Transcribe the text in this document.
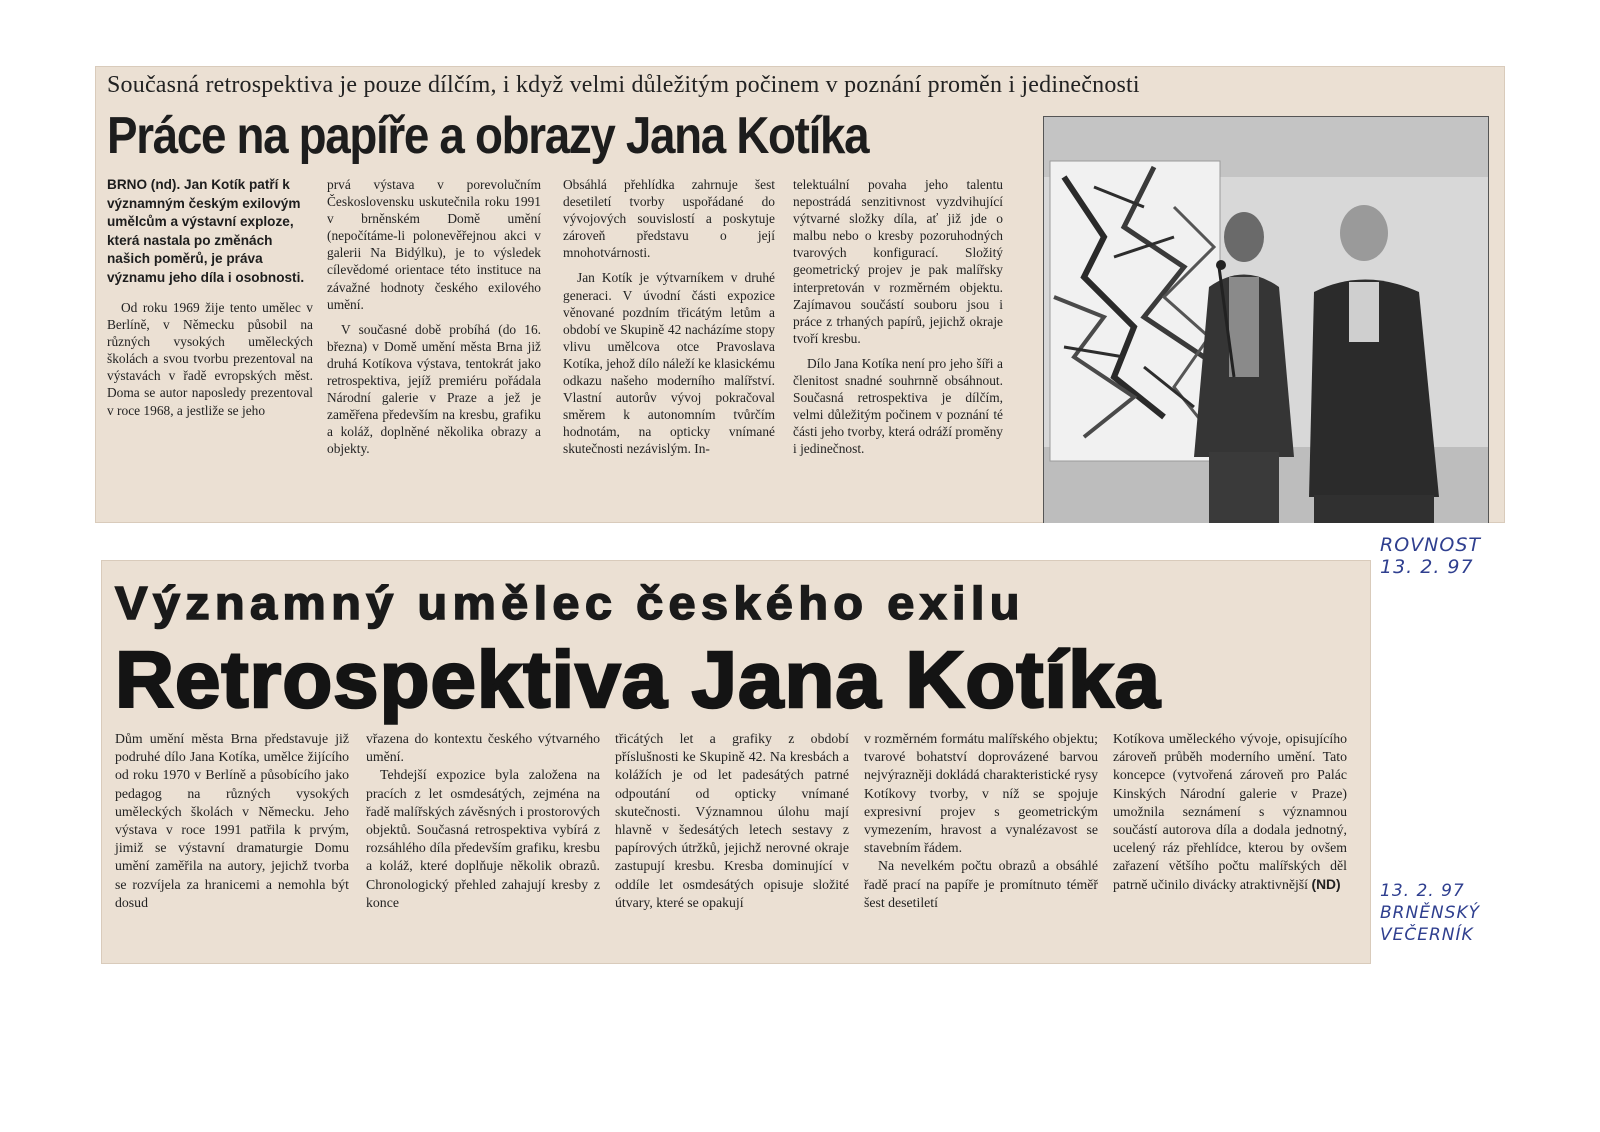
Současná retrospektiva je pouze dílčím, i když velmi důležitým počinem v poznání proměn i jedinečnosti
Práce na papíře a obrazy Jana Kotíka
BRNO (nd). Jan Kotík patří k významným českým exilovým umělcům a výstavní exploze, která nastala po změnách našich poměrů, je práva významu jeho díla i osobnosti.

Od roku 1969 žije tento umělec v Berlíně, v Německu působil na různých vysokých uměleckých školách a svou tvorbu prezentoval na výstavách v řadě evropských měst. Doma se autor naposledy prezentoval v roce 1968, a jestliže se jeho

prvá výstava v porevolučním Československu uskutečnila roku 1991 v brněnském Domě umění (nepočítáme-li polonevěřejnou akci v galerii Na Bidýlku), je to výsledek cílevědomé orientace této instituce na závažné hodnoty českého exilového umění.

V současné době probíhá (do 16. března) v Domě umění města Brna již druhá Kotíkova výstava, tentokrát jako retrospektiva, jejíž premiéru pořádala Národní galerie v Praze a jež je zaměřena především na kresbu, grafiku a koláž, doplněné několika obrazy a objekty.

Obsáhlá přehlídka zahrnuje šest desetiletí tvorby uspořádané do vývojových souvislostí a poskytuje zároveň představu o její mnohotvárnosti.

Jan Kotík je výtvarníkem v druhé generaci. V úvodní části expozice věnované pozdním třicátým letům a období ve Skupině 42 nacházíme stopy vlivu umělcova otce Pravoslava Kotíka, jehož dílo náleží ke klasickému odkazu našeho moderního malířství. Vlastní autorův vývoj pokračoval směrem k autonomním tvůrčím hodnotám, na opticky vnímané skutečnosti nezávislým. In-

telektuální povaha jeho talentu nepostrádá senzitivnost vyzdvihující výtvarné složky díla, ať již jde o malbu nebo o kresby pozoruhodných tvarových konfigurací. Složitý geometrický projev je pak malířsky interpretován v rozměrném objektu. Zajímavou součástí souboru jsou i práce z trhaných papírů, jejichž okraje tvoří kresbu.

Dílo Jana Kotíka není pro jeho šíři a členitost snadné souhrnně obsáhnout. Současná retrospektiva je dílčím, velmi důležitým počinem v poznání té části jeho tvorby, která odráží proměny i jedinečnost.

Významný umělec českého exilu
Retrospektiva Jana Kotíka

Dům umění města Brna představuje již podruhé dílo Jana Kotíka, umělce žijícího od roku 1970 v Berlíně a působícího jako pedagog na různých vysokých uměleckých školách v Německu. Jeho výstava v roce 1991 patřila k prvým, jimiž se výstavní dramaturgie Domu umění zaměřila na autory, jejichž tvorba se rozvíjela za hranicemi a nemohla být dosud

vřazena do kontextu českého výtvarného umění.

Tehdejší expozice byla založena na pracích z let osmdesátých, zejména na řadě malířských závěsných i prostorových objektů. Současná retrospektiva vybírá z rozsáhlého díla především grafiku, kresbu a koláž, které doplňuje několik obrazů. Chronologický přehled zahajují kresby z konce

třicátých let a grafiky z období příslušnosti ke Skupině 42. Na kresbách a kolážích je od let padesátých patrné odpoutání od opticky vnímané skutečnosti. Významnou úlohu mají hlavně v šedesátých letech sestavy z papírových útržků, jejichž nerovné okraje zastupují kresbu. Kresba dominující v oddíle let osmdesátých opisuje složité útvary, které se opakují

v rozměrném formátu malířského objektu; tvarové bohatství doprovázené barvou nejvýrazněji dokládá charakteristické rysy Kotíkovy tvorby, v níž se spojuje expresivní projev s geometrickým vymezením, hravost a vynalézavost se stavebním řádem.

Na nevelkém počtu obrazů a obsáhlé řadě prací na papíře je promítnuto téměř šest desetiletí

Kotíkova uměleckého vývoje, opisujícího zároveň průběh moderního umění. Tato koncepce (vytvořená zároveň pro Palác Kinských Národní galerie v Praze) umožnila seznámení s významnou součástí autorova díla a dodala jednotný, ucelený ráz přehlídce, kterou by ovšem zařazení většího počtu malířských děl patrně učinilo divácky atraktivnější (ND)

ROVNOST
13. 2. 97
13. 2. 97
BRNĚNSKÝ
VEČERNÍK
